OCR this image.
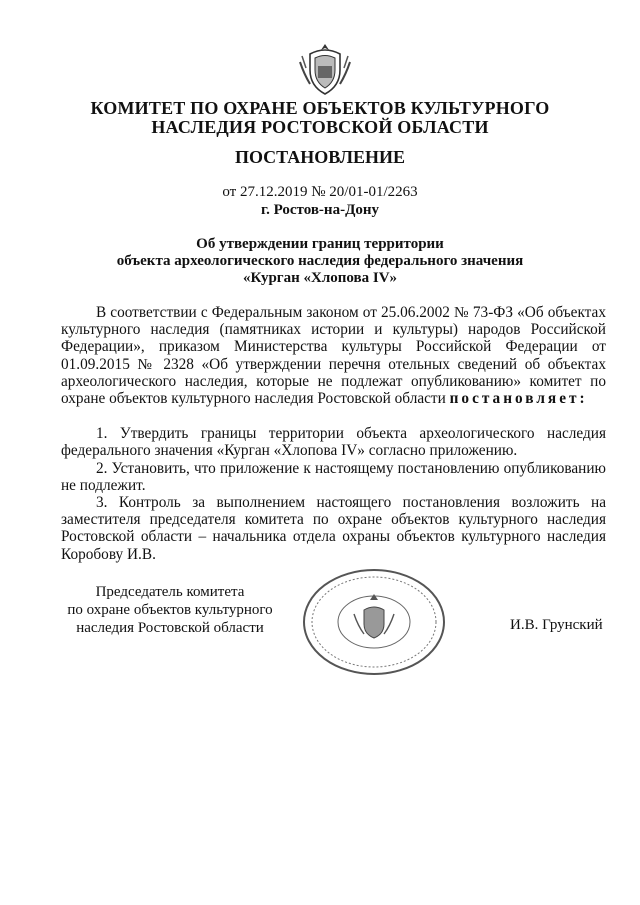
КОМИТЕТ ПО ОХРАНЕ ОБЪЕКТОВ КУЛЬТУРНОГО
НАСЛЕДИЯ РОСТОВСКОЙ ОБЛАСТИ
ПОСТАНОВЛЕНИЕ
от 27.12.2019 № 20/01-01/2263
г. Ростов-на-Дону
Об утверждении границ территории
объекта археологического наследия федерального значения
«Курган «Хлопова IV»

В соответствии с Федеральным законом от 25.06.2002 № 73-ФЗ «Об объектах культурного наследия (памятниках истории и культуры) народов Российской Федерации», приказом Министерства культуры Российской Федерации от 01.09.2015 № 2328 «Об утверждении перечня отельных сведений об объектах археологического наследия, которые не подлежат опубликованию» комитет по охране объектов культурного наследия Ростовской области постановляет:

1. Утвердить границы территории объекта археологического наследия федерального значения «Курган «Хлопова IV» согласно приложению.

2. Установить, что приложение к настоящему постановлению опубликованию не подлежит.

3. Контроль за выполнением настоящего постановления возложить на заместителя председателя комитета по охране объектов культурного наследия Ростовской области – начальника отдела охраны объектов культурного наследия Коробову И.В.

Председатель комитета
по охране объектов культурного
наследия Ростовской области	И.В. Грунский
